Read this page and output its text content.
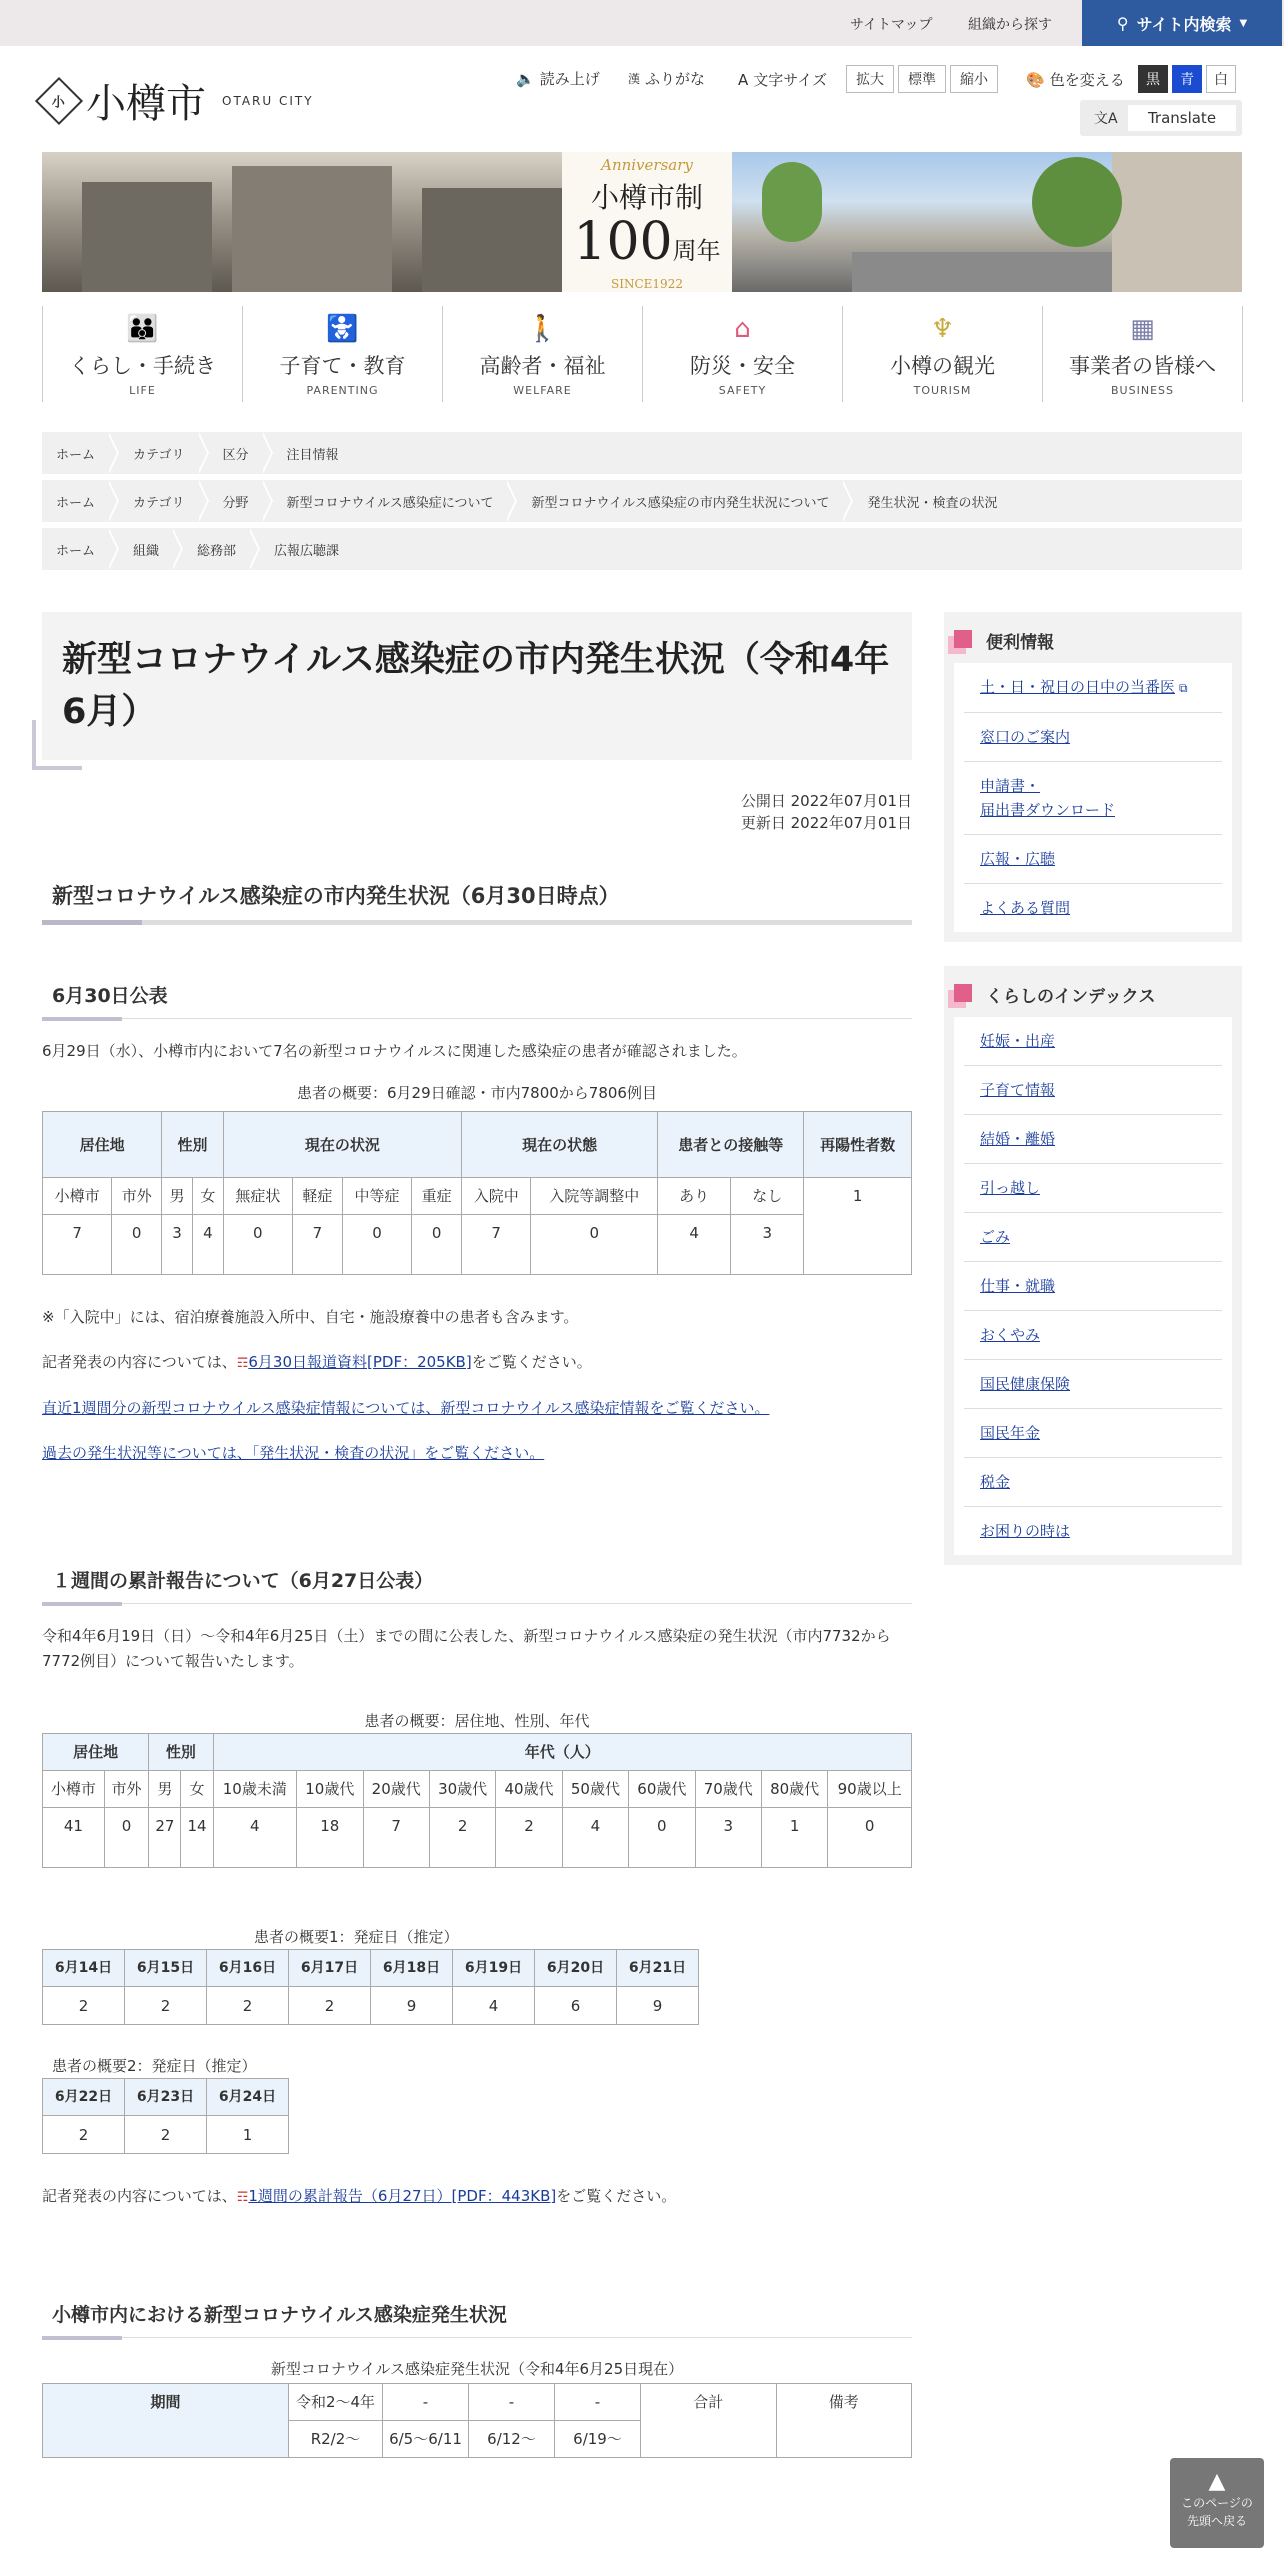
サイトマップ	組織から探す	⚲ サイト内検索 ▼
小 小樽市 OTARU CITY
🔈 読み上げ 漢 ふりがな A 文字サイズ	拡大	標準	縮小	🎨 色を変える	黒	青	白
文A	Translate
Anniversary
小樽市制
100周年
SINCE1922
👪
くらし・手続き
LIFE
🚼
子育て・教育
PARENTING
🚶
高齢者・福祉
WELFARE
⌂
防災・安全
SAFETY
♆
小樽の観光
TOURISM
▦
事業者の皆様へ
BUSINESS
ホーム	カテゴリ	区分	注目情報
ホーム	カテゴリ	分野	新型コロナウイルス感染症について	新型コロナウイルス感染症の市内発生状況について	発生状況・検査の状況
ホーム	組織	総務部	広報広聴課
新型コロナウイルス感染症の市内発生状況（令和4年6月）
公開日 2022年07月01日
更新日 2022年07月01日
新型コロナウイルス感染症の市内発生状況（6月30日時点）
6月30日公表

6月29日（水）、小樽市内において7名の新型コロナウイルスに関連した感染症の患者が確認されました。

患者の概要：6月29日確認・市内7800から7806例目
居住地		性別		現在の状況				現在の状態		患者との接触等		再陽性者数
小樽市	市外	男	女	無症状	軽症	中等症	重症	入院中	入院等調整中	あり	なし	1
7	0	3	4	0	7	0	0	7	0	4	3	

※「入院中」には、宿泊療養施設入所中、自宅・施設療養中の患者も含みます。

記者発表の内容については、☶6月30日報道資料[PDF：205KB]をご覧ください。

直近1週間分の新型コロナウイルス感染症情報については、新型コロナウイルス感染症情報をご覧ください。

過去の発生状況等については、「発生状況・検査の状況」をご覧ください。

１週間の累計報告について（6月27日公表）

令和4年6月19日（日）～令和4年6月25日（土）までの間に公表した、新型コロナウイルス感染症の発生状況（市内7732から7772例目）について報告いたします。

患者の概要：居住地、性別、年代
居住地		性別		年代（人）									
小樽市	市外	男	女	10歳未満	10歳代	20歳代	30歳代	40歳代	50歳代	60歳代	70歳代	80歳代	90歳以上
41	0	27	14	4	18	7	2	2	4	0	3	1	0
患者の概要1：発症日（推定）
6月14日	6月15日	6月16日	6月17日	6月18日	6月19日	6月20日	6月21日
2	2	2	2	9	4	6	9
患者の概要2：発症日（推定）
6月22日	6月23日	6月24日
2	2	1

記者発表の内容については、☶1週間の累計報告（6月27日）[PDF：443KB]をご覧ください。

小樽市内における新型コロナウイルス感染症発生状況
新型コロナウイルス感染症発生状況（令和4年6月25日現在）
期間	令和2〜4年	-	-	-	合計	備考
	R2/2〜	6/5〜6/11	6/12〜	6/19〜		
便利情報
土・日・祝日の日中の当番医 ⧉
窓口のご案内
申請書・
届出書ダウンロード
広報・広聴
よくある質問
くらしのインデックス
妊娠・出産
子育て情報
結婚・離婚
引っ越し
ごみ
仕事・就職
おくやみ
国民健康保険
国民年金
税金
お困りの時は
▲
このページの
先頭へ戻る
